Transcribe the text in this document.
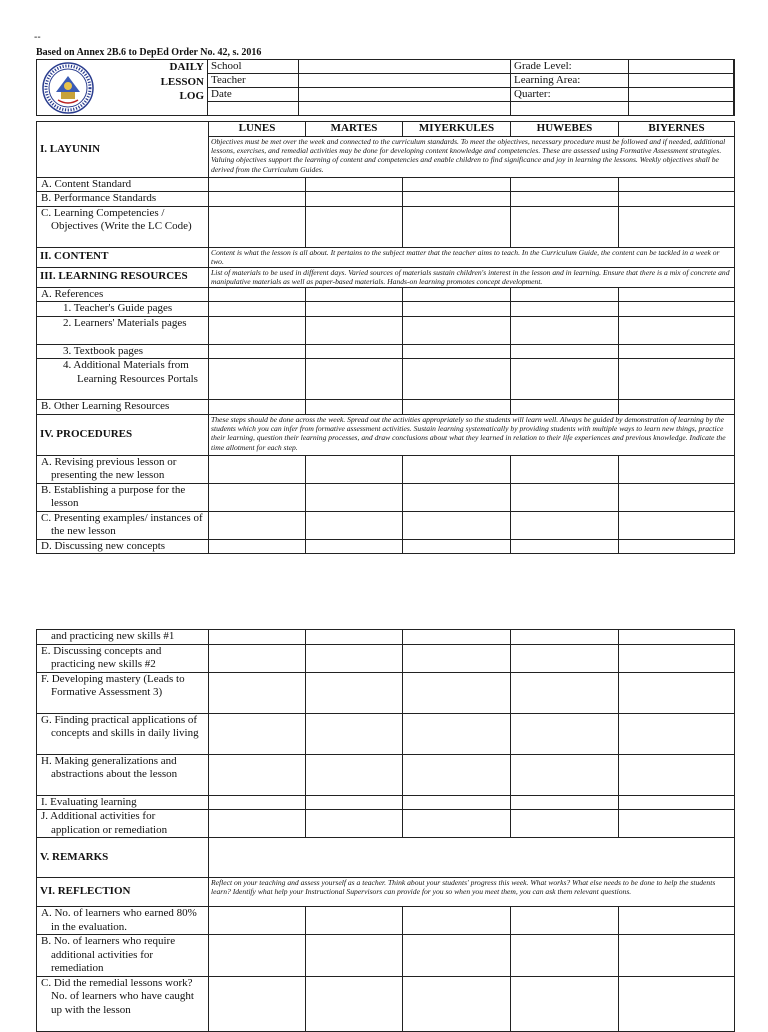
--
Based on Annex 2B.6 to DepEd Order No. 42, s. 2016
DAILY
LESSON
LOG
School		Grade Level:	
Teacher		Learning Area:	
Date		Quarter:	

I. LAYUNIN	LUNES	MARTES	MIYERKULES	HUWEBES	BIYERNES
	Objectives must be met over the week and connected to the curriculum standards. To meet the objectives, necessary procedure must be followed and if needed, additional lessons, exercises, and remedial activities may be done for developing content knowledge and competencies. These are assessed using Formative Assessment strategies. Valuing objectives support the learning of content and competencies and enable children to find significance and joy in learning the lessons. Weekly objectives shall be derived from the Curriculum Guides.				
A. Content Standard					
B. Performance Standards					
C. Learning Competencies / Objectives (Write the LC Code)					
II. CONTENT	Content is what the lesson is all about. It pertains to the subject matter that the teacher aims to teach. In the Curriculum Guide, the content can be tackled in a week or two.				
III. LEARNING RESOURCES	List of materials to be used in different days. Varied sources of materials sustain children's interest in the lesson and in learning. Ensure that there is a mix of concrete and manipulative materials as well as paper-based materials. Hands-on learning promotes concept development.				
A. References					
1. Teacher's Guide pages					
2. Learners' Materials pages					
3. Textbook pages					
4. Additional Materials from Learning Resources Portals					
B. Other Learning Resources					
IV. PROCEDURES	These steps should be done across the week. Spread out the activities appropriately so the students will learn well. Always be guided by demonstration of learning by the students which you can infer from formative assessment activities. Sustain learning systematically by providing students with multiple ways to learn new things, practice their learning, question their learning processes, and draw conclusions about what they learned in relation to their life experiences and previous knowledge. Indicate the time allotment for each step.				
A. Revising previous lesson or presenting the new lesson					
B. Establishing a purpose for the lesson					
C. Presenting examples/ instances of the new lesson					
D. Discussing new concepts					
and practicing new skills #1					
E. Discussing concepts and practicing new skills #2					
F. Developing mastery (Leads to Formative Assessment 3)					
G. Finding practical applications of concepts and skills in daily living					
H. Making generalizations and abstractions about the lesson					
I. Evaluating learning					
J. Additional activities for application or remediation					
V. REMARKS					
VI. REFLECTION	Reflect on your teaching and assess yourself as a teacher. Think about your students' progress this week. What works? What else needs to be done to help the students learn? Identify what help your Instructional Supervisors can provide for you so when you meet them, you can ask them relevant questions.				
A. No. of learners who earned 80% in the evaluation.					
B. No. of learners who require additional activities for remediation					
C. Did the remedial lessons work? No. of learners who have caught up with the lesson					
